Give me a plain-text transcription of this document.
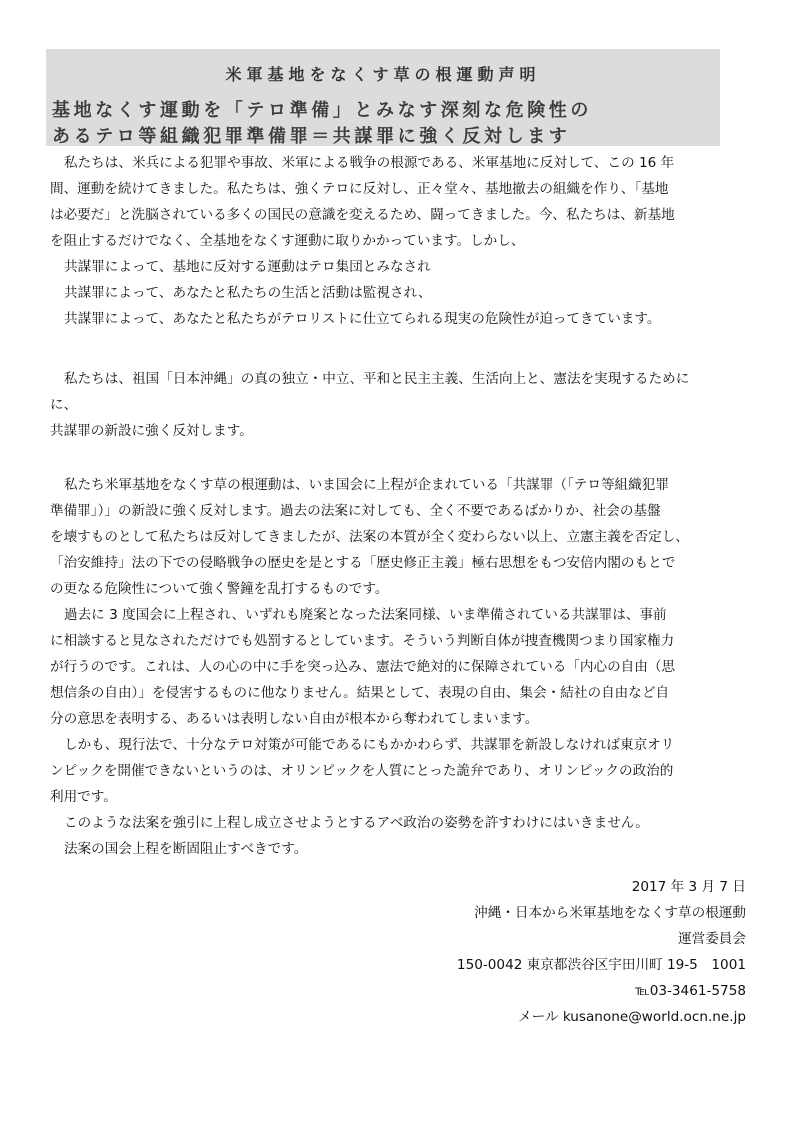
米軍基地をなくす草の根運動声明
基地なくす運動を「テロ準備」とみなす深刻な危険性の
あるテロ等組織犯罪準備罪＝共謀罪に強く反対します
私たちは、米兵による犯罪や事故、米軍による戦争の根源である、米軍基地に反対して、この 16 年
間、運動を続けてきました。私たちは、強くテロに反対し、正々堂々、基地撤去の組織を作り、「基地
は必要だ」と洗脳されている多くの国民の意識を変えるため、闘ってきました。今、私たちは、新基地
を阻止するだけでなく、全基地をなくす運動に取りかかっています。しかし、
共謀罪によって、基地に反対する運動はテロ集団とみなされ
共謀罪によって、あなたと私たちの生活と活動は監視され、
共謀罪によって、あなたと私たちがテロリストに仕立てられる現実の危険性が迫ってきています。
私たちは、祖国「日本沖縄」の真の独立・中立、平和と民主主義、生活向上と、憲法を実現するために
に、
共謀罪の新設に強く反対します。
私たち米軍基地をなくす草の根運動は、いま国会に上程が企まれている「共謀罪（「テロ等組織犯罪
準備罪」）」の新設に強く反対します。過去の法案に対しても、全く不要であるばかりか、社会の基盤
を壊すものとして私たちは反対してきましたが、法案の本質が全く変わらない以上、立憲主義を否定し、
「治安維持」法の下での侵略戦争の歴史を是とする「歴史修正主義」極右思想をもつ安倍内閣のもとで
の更なる危険性について強く警鐘を乱打するものです。
過去に 3 度国会に上程され、いずれも廃案となった法案同様、いま準備されている共謀罪は、事前
に相談すると見なされただけでも処罰するとしています。そういう判断自体が捜査機関つまり国家権力
が行うのです。これは、人の心の中に手を突っ込み、憲法で絶対的に保障されている「内心の自由（思
想信条の自由）」を侵害するものに他なりません。結果として、表現の自由、集会・結社の自由など自
分の意思を表明する、あるいは表明しない自由が根本から奪われてしまいます。
しかも、現行法で、十分なテロ対策が可能であるにもかかわらず、共謀罪を新設しなければ東京オリ
ンピックを開催できないというのは、オリンピックを人質にとった詭弁であり、オリンピックの政治的
利用です。
このような法案を強引に上程し成立させようとするアベ政治の姿勢を許すわけにはいきません。
法案の国会上程を断固阻止すべきです。
2017 年 3 月 7 日
沖縄・日本から米軍基地をなくす草の根運動
運営委員会
150-0042 東京都渋谷区宇田川町 19-5　1001
℡03-3461-5758
メール kusanone@world.ocn.ne.jp
